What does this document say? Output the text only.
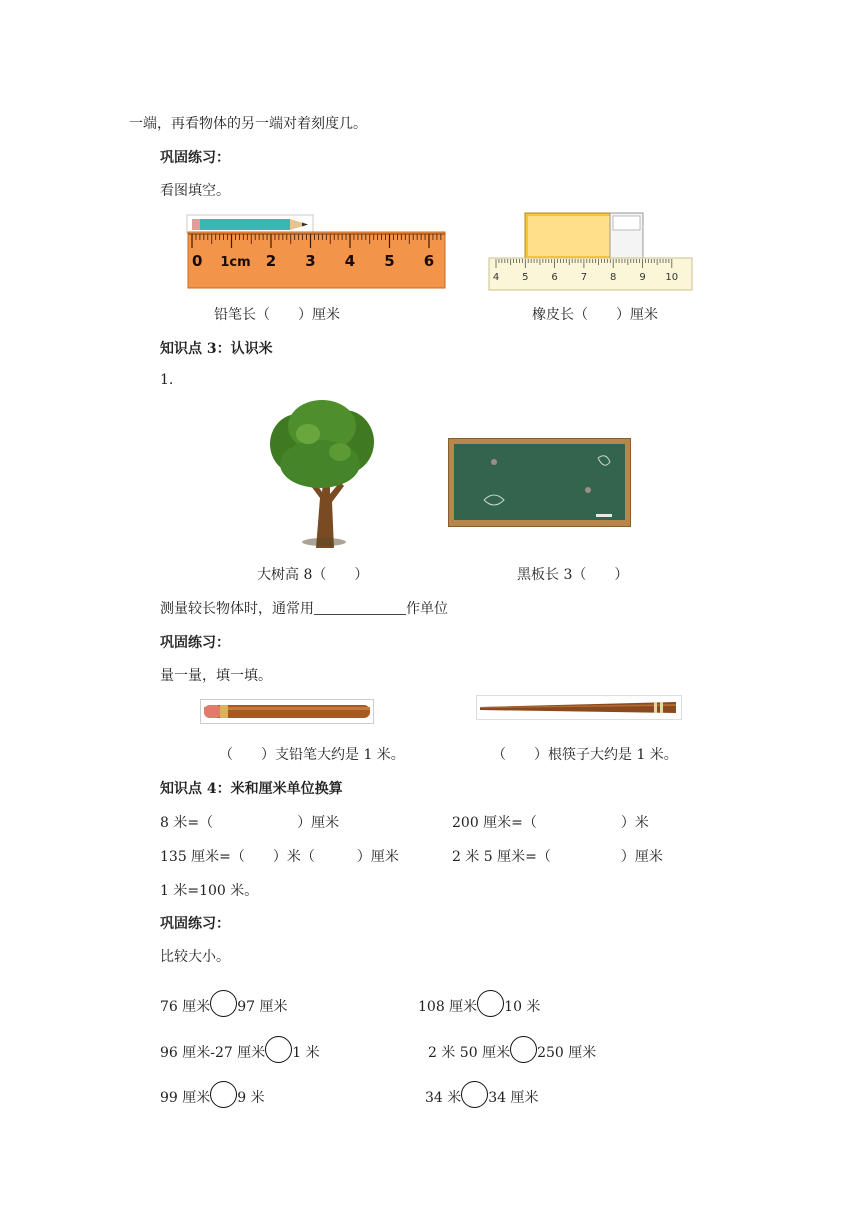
一端，再看物体的另一端对着刻度几。
巩固练习：
看图填空。
0 1cm 2 3 4 5 6
4 5 6 7 8 9 10
铅笔长（　　）厘米	橡皮长（　　）厘米
知识点 3：认识米
1.
大树高 8（　　）	黑板长 3（　　）
测量较长物体时，通常用	作单位
巩固练习：
量一量，填一填。
（　　）支铅笔大约是 1 米。	（　　）根筷子大约是 1 米。
知识点 4：米和厘米单位换算
8 米=（　　　　　　）厘米	200 厘米=（　　　　　　）米
135 厘米=（　　）米（　　　）厘米	2 米 5 厘米=（　　　　　）厘米
1 米=100 米。
巩固练习：
比较大小。
76 厘米 97 厘米	108 厘米 10 米
96 厘米-27 厘米 1 米	2 米 50 厘米 250 厘米
99 厘米 9 米	34 米 34 厘米
